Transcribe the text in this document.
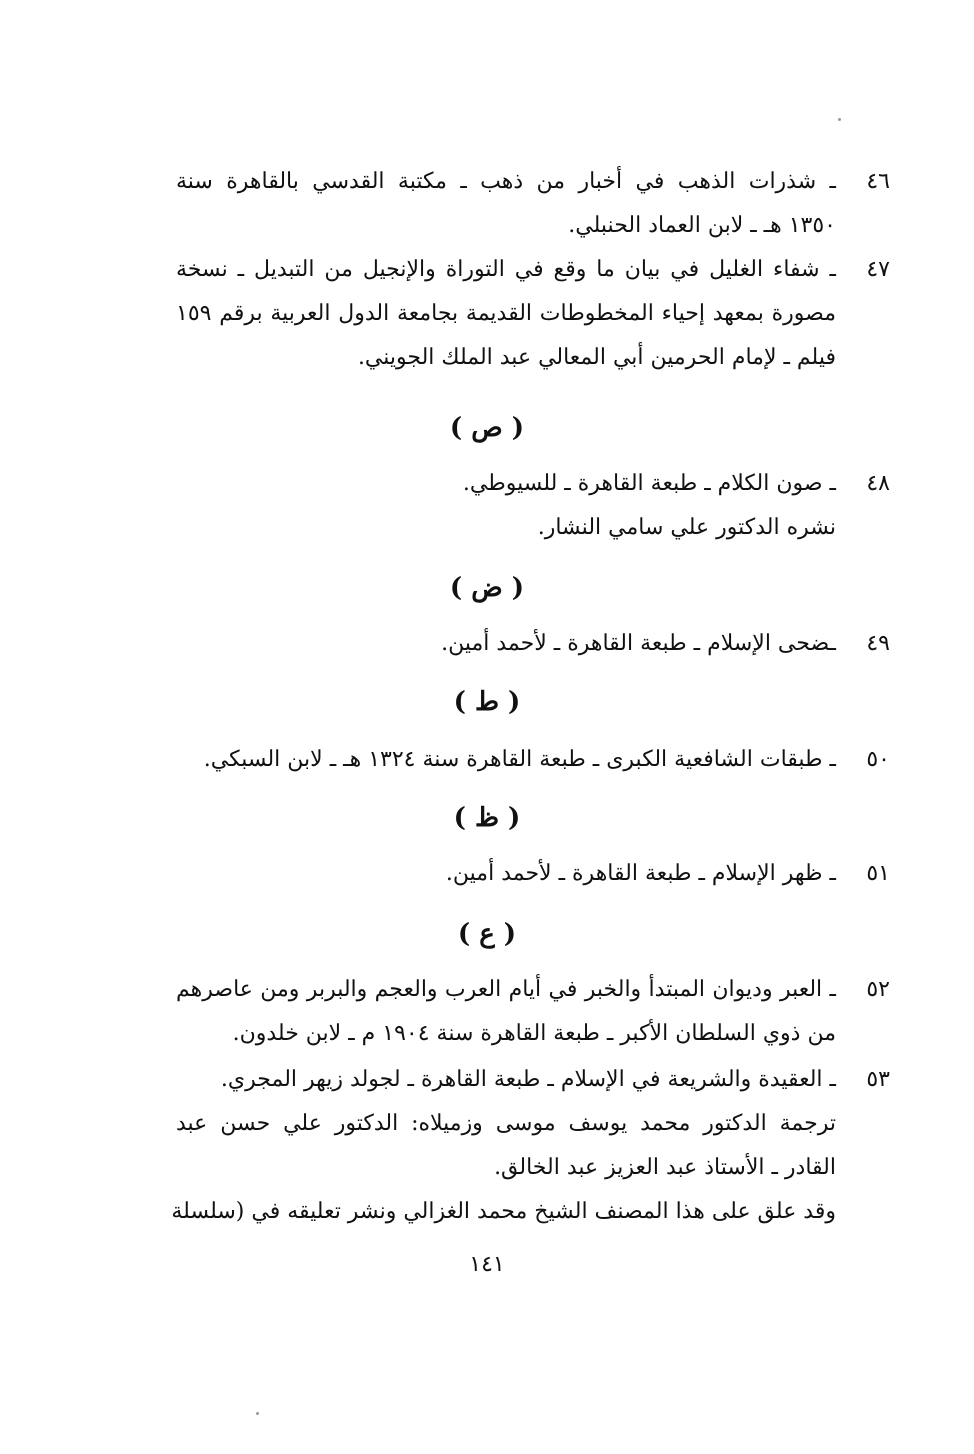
٤٦
ـ شذرات الذهب في أخبار من ذهب ـ مكتبة القدسي بالقاهرة سنة
١٣٥٠ هـ ـ لابن العماد الحنبلي.
٤٧
ـ شفاء الغليل في بيان ما وقع في التوراة والإنجيل من التبديل ـ نسخة
مصورة بمعهد إحياء المخطوطات القديمة بجامعة الدول العربية برقم ١٥٩
فيلم ـ لإمام الحرمين أبي المعالي عبد الملك الجويني.
( ص )
٤٨
ـ صون الكلام ـ طبعة القاهرة ـ للسيوطي.
نشره الدكتور علي سامي النشار.
( ض )
٤٩
ـضحى الإسلام ـ طبعة القاهرة ـ لأحمد أمين.
( ط )
٥٠
ـ طبقات الشافعية الكبرى ـ طبعة القاهرة سنة ١٣٢٤ هـ ـ لابن السبكي.
( ظ )
٥١
ـ ظهر الإسلام ـ طبعة القاهرة ـ لأحمد أمين.
( ع )
٥٢
ـ العبر وديوان المبتدأ والخبر في أيام العرب والعجم والبربر ومن عاصرهم
من ذوي السلطان الأكبر ـ طبعة القاهرة سنة ١٩٠٤ م ـ لابن خلدون.
٥٣
ـ العقيدة والشريعة في الإسلام ـ طبعة القاهرة ـ لجولد زيهر المجري.
ترجمة الدكتور محمد يوسف موسى وزميلاه: الدكتور علي حسن عبد
القادر ـ الأستاذ عبد العزيز عبد الخالق.
وقد علق على هذا المصنف الشيخ محمد الغزالي ونشر تعليقه في (سلسلة
١٤١
